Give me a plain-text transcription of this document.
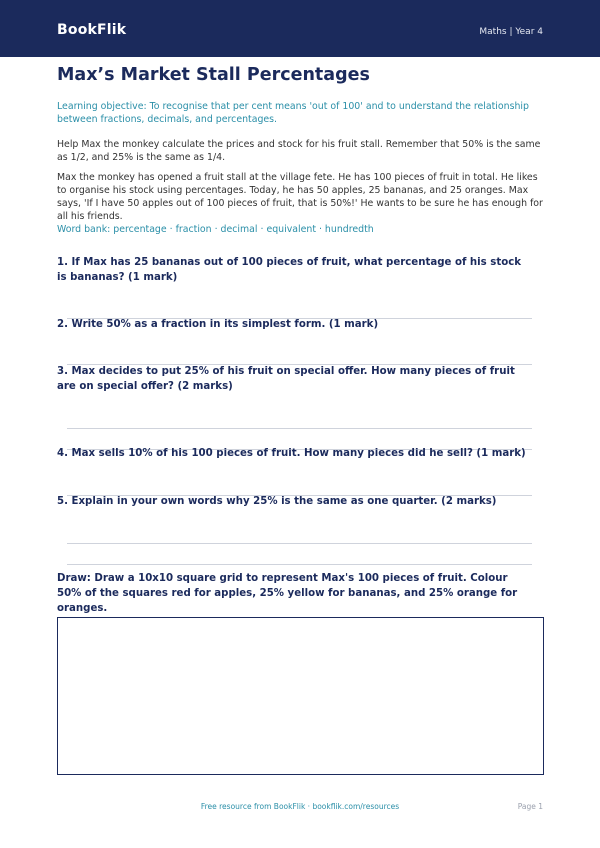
BookFlik	Maths | Year 4
Max’s Market Stall Percentages
Learning objective: To recognise that per cent means 'out of 100' and to understand the relationship between fractions, decimals, and percentages.
Help Max the monkey calculate the prices and stock for his fruit stall. Remember that 50% is the same as 1/2, and 25% is the same as 1/4.
Max the monkey has opened a fruit stall at the village fete. He has 100 pieces of fruit in total. He likes to organise his stock using percentages. Today, he has 50 apples, 25 bananas, and 25 oranges. Max says, 'If I have 50 apples out of 100 pieces of fruit, that is 50%!' He wants to be sure he has enough for all his friends.
Word bank: percentage · fraction · decimal · equivalent · hundredth
1. If Max has 25 bananas out of 100 pieces of fruit, what percentage of his stock is bananas? (1 mark)
2. Write 50% as a fraction in its simplest form. (1 mark)
3. Max decides to put 25% of his fruit on special offer. How many pieces of fruit are on special offer? (2 marks)
4. Max sells 10% of his 100 pieces of fruit. How many pieces did he sell? (1 mark)
5. Explain in your own words why 25% is the same as one quarter. (2 marks)
Draw: Draw a 10x10 square grid to represent Max's 100 pieces of fruit. Colour 50% of the squares red for apples, 25% yellow for bananas, and 25% orange for oranges.
Free resource from BookFlik · bookflik.com/resources	Page 1
